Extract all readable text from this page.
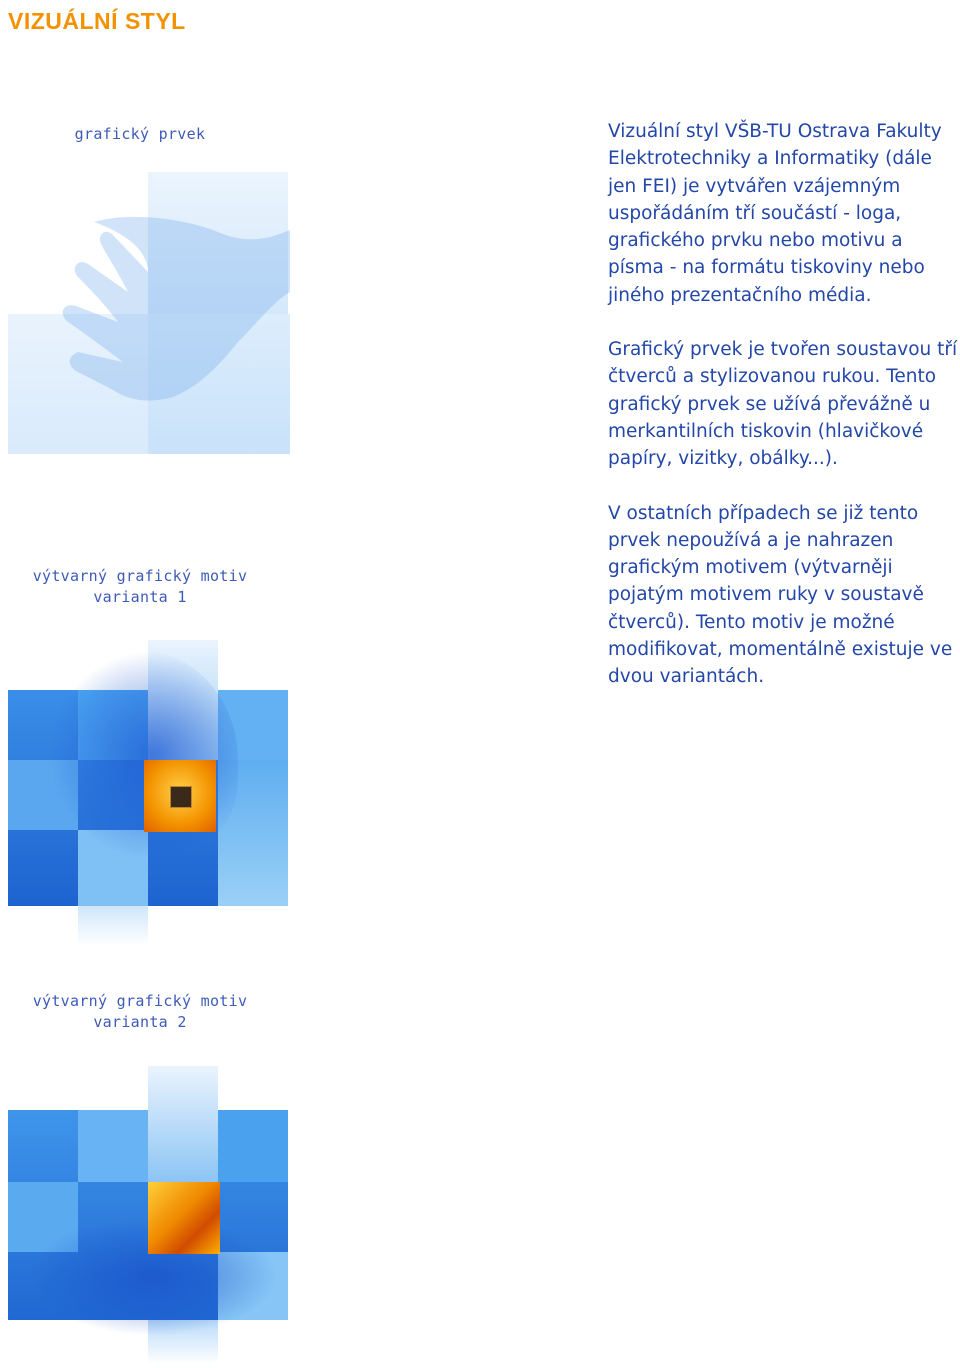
VIZUÁLNÍ STYL
grafický prvek
výtvarný grafický motiv
varianta 1
výtvarný grafický motiv
varianta 2

Vizuální styl VŠB-TU Ostrava Fakulty Elektrotechniky a Informatiky (dále jen FEI) je vytvářen vzájemným uspořádáním tří součástí - loga, grafického prvku nebo motivu a písma - na formátu tiskoviny nebo jiného prezentačního média.

Grafický prvek je tvořen soustavou tří čtverců a stylizovanou rukou. Tento grafický prvek se užívá převážně u merkantilních tiskovin (hlavičkové papíry, vizitky, obálky...).

V ostatních případech se již tento prvek nepoužívá a je nahrazen grafickým motivem (výtvarněji pojatým motivem ruky v soustavě čtverců). Tento motiv je možné modifikovat, momentálně existuje ve dvou variantách.
